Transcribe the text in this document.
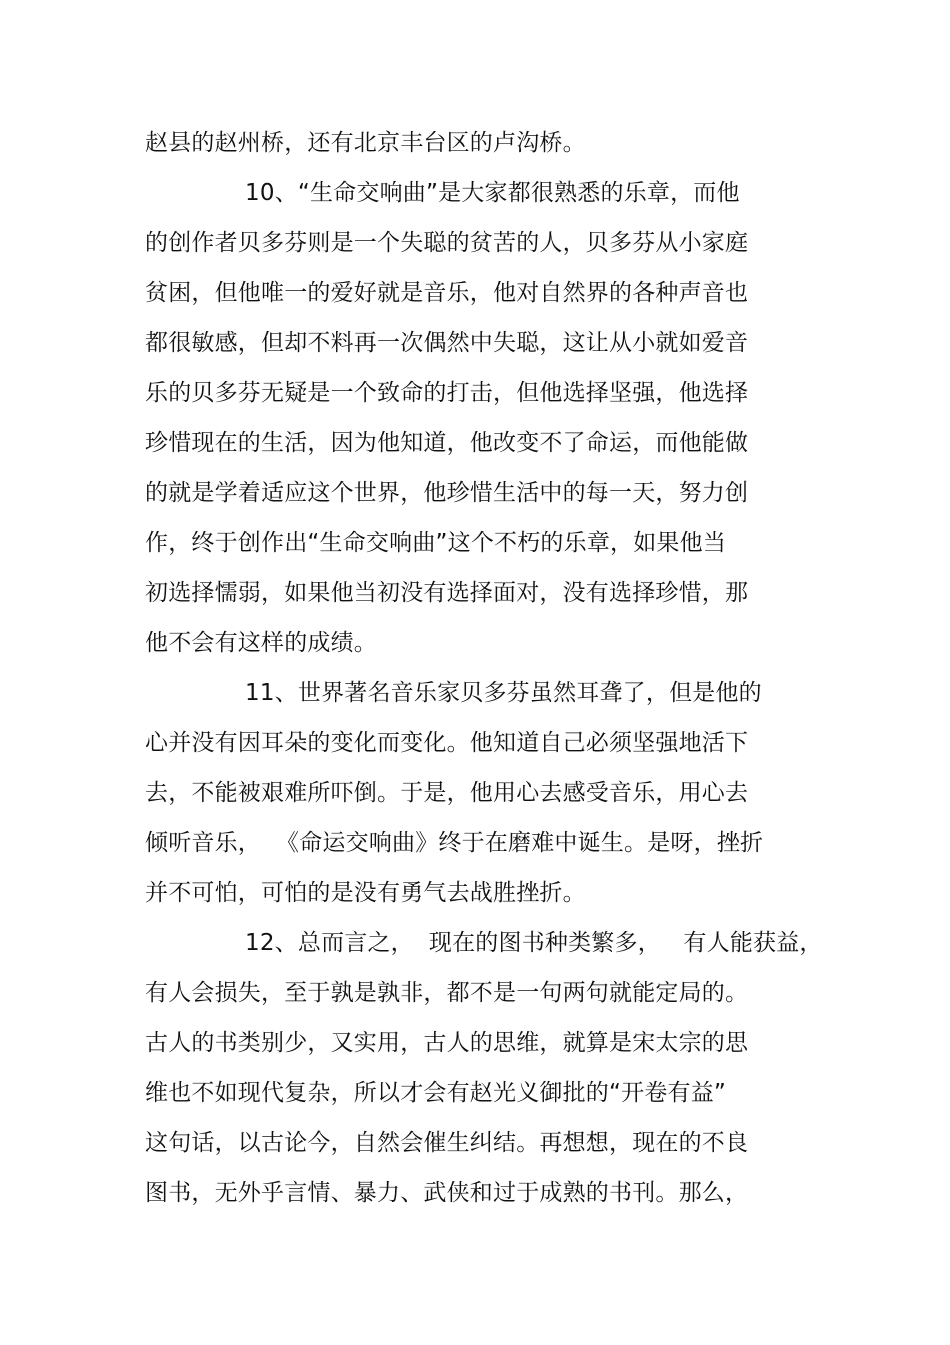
赵县的赵州桥，还有北京丰台区的卢沟桥。
10、“生命交响曲”是大家都很熟悉的乐章，而他
的创作者贝多芬则是一个失聪的贫苦的人，贝多芬从小家庭
贫困，但他唯一的爱好就是音乐，他对自然界的各种声音也
都很敏感，但却不料再一次偶然中失聪，这让从小就如爱音
乐的贝多芬无疑是一个致命的打击，但他选择坚强，他选择
珍惜现在的生活，因为他知道，他改变不了命运，而他能做
的就是学着适应这个世界，他珍惜生活中的每一天，努力创
作，终于创作出“生命交响曲”这个不朽的乐章，如果他当
初选择懦弱，如果他当初没有选择面对，没有选择珍惜，那
他不会有这样的成绩。
11、世界著名音乐家贝多芬虽然耳聋了，但是他的
心并没有因耳朵的变化而变化。他知道自己必须坚强地活下
去，不能被艰难所吓倒。于是，他用心去感受音乐，用心去
倾听音乐，  《命运交响曲》终于在磨难中诞生。是呀，挫折
并不可怕，可怕的是没有勇气去战胜挫折。
12、总而言之，  现在的图书种类繁多，   有人能获益，
有人会损失，至于孰是孰非，都不是一句两句就能定局的。
古人的书类别少，又实用，古人的思维，就算是宋太宗的思
维也不如现代复杂，所以才会有赵光义御批的“开卷有益”
这句话，以古论今，自然会催生纠结。再想想，现在的不良
图书，无外乎言情、暴力、武侠和过于成熟的书刊。那么，
